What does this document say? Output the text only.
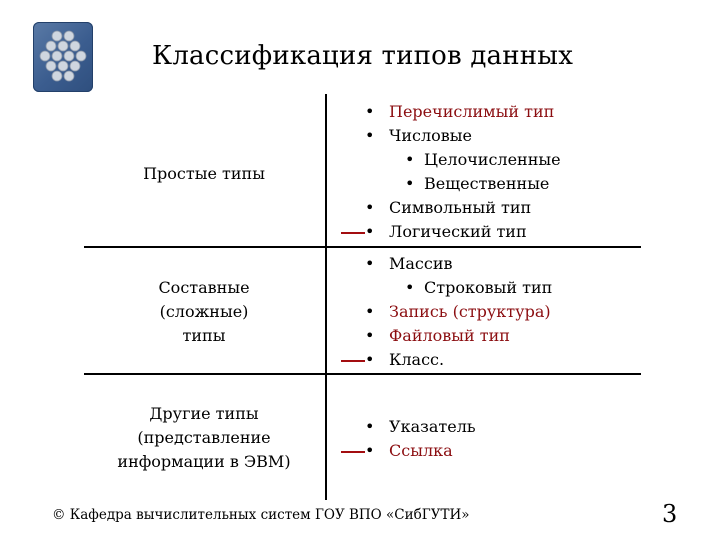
Классификация типов данных
Простые типы
Перечислимый тип
Числовые
Целочисленные
Вещественные
Символьный тип
Логический тип
Составные
(сложные)
типы
Массив
Строковый тип
Запись (структура)
Файловый тип
Класс.
Другие типы
(представление
информации в ЭВМ)
Указатель
Ссылка
© Кафедра вычислительных систем ГОУ ВПО «СибГУТИ»	3
